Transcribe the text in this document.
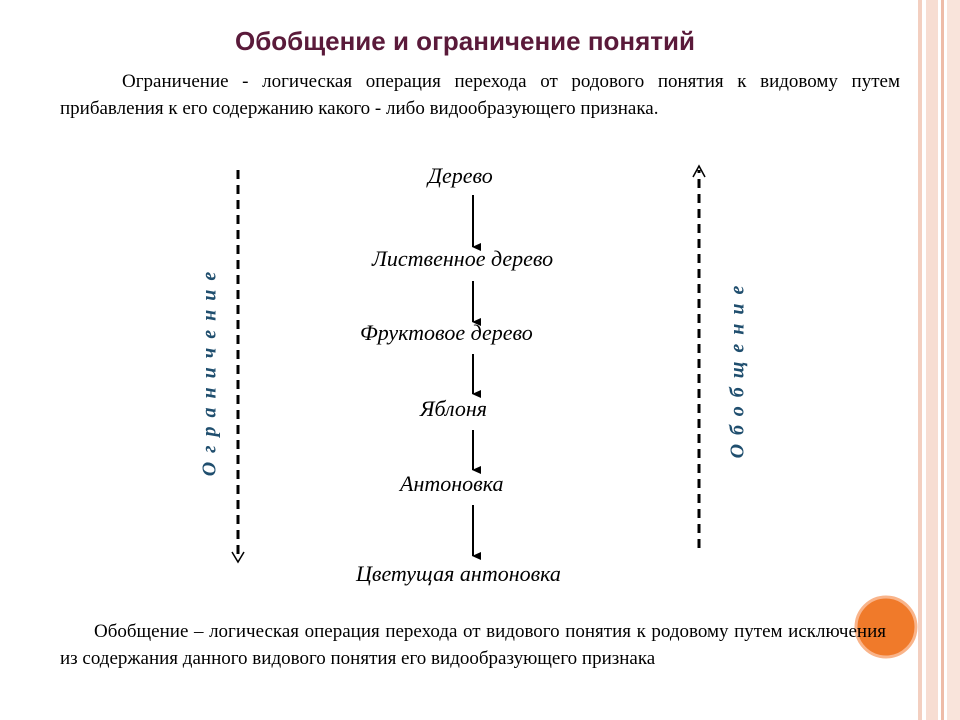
Обобщение и ограничение понятий

Ограничение - логическая операция перехода от родового понятия к видовому путем прибавления к его содержанию какого - либо видообразующего признака.

Дерево
Лиственное дерево
Фруктовое дерево
Яблоня
Антоновка
Цветущая антоновка
Ограничение	Обобщение

Обобщение – логическая операция перехода от видового понятия к родовому путем исключения из содержания данного видового понятия его видообразующего признака
